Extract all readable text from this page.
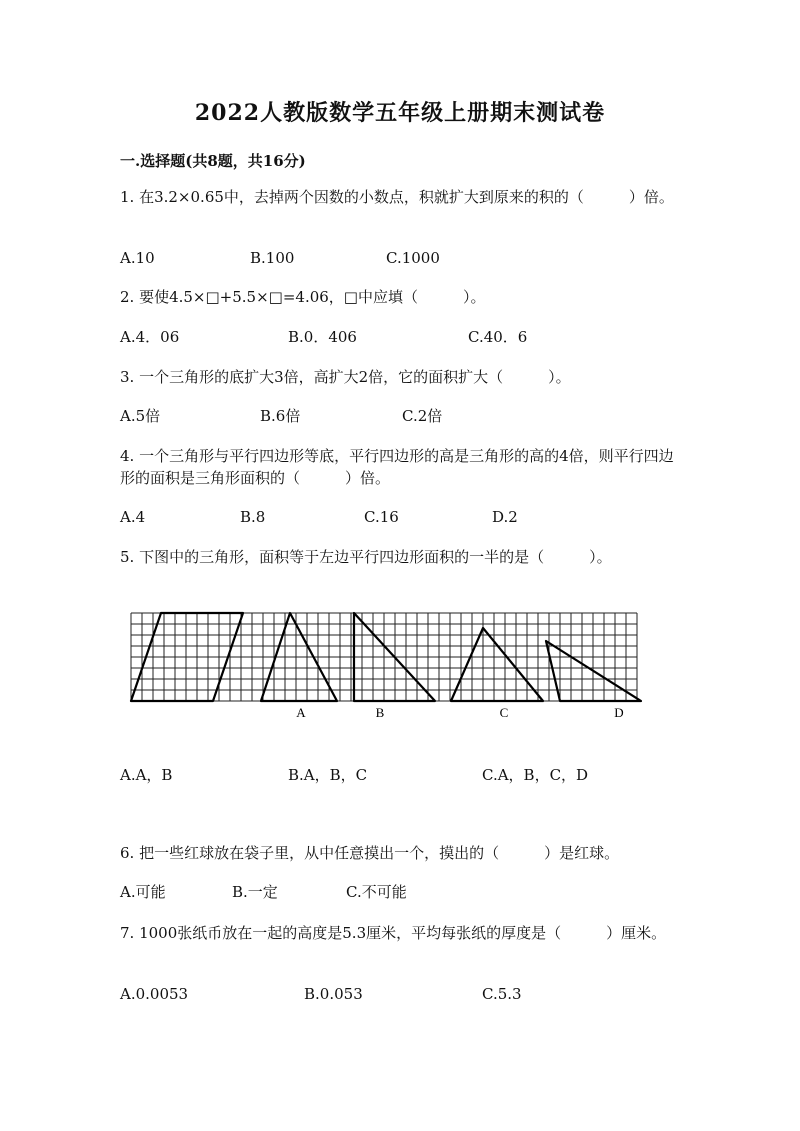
2022人教版数学五年级上册期末测试卷
一.选择题(共8题，共16分)
1. 在3.2×0.65中，去掉两个因数的小数点，积就扩大到原来的积的（　　　）倍。
A.10	B.100	C.1000
2. 要使4.5×□+5.5×□=4.06，□中应填（　　　）。
A.4．06	B.0．406	C.40．6
3. 一个三角形的底扩大3倍，高扩大2倍，它的面积扩大（　　　）。
A.5倍	B.6倍	C.2倍
4. 一个三角形与平行四边形等底，平行四边形的高是三角形的高的4倍，则平行四边形的面积是三角形面积的（　　　）倍。
A.4	B.8	C.16	D.2
5. 下图中的三角形，面积等于左边平行四边形面积的一半的是（　　　）。
A	B	C	D
A.A，B	B.A，B，C	C.A，B，C，D
6. 把一些红球放在袋子里，从中任意摸出一个，摸出的（　　　）是红球。
A.可能	B.一定	C.不可能
7. 1000张纸币放在一起的高度是5.3厘米，平均每张纸的厚度是（　　　）厘米。
A.0.0053	B.0.053	C.5.3
